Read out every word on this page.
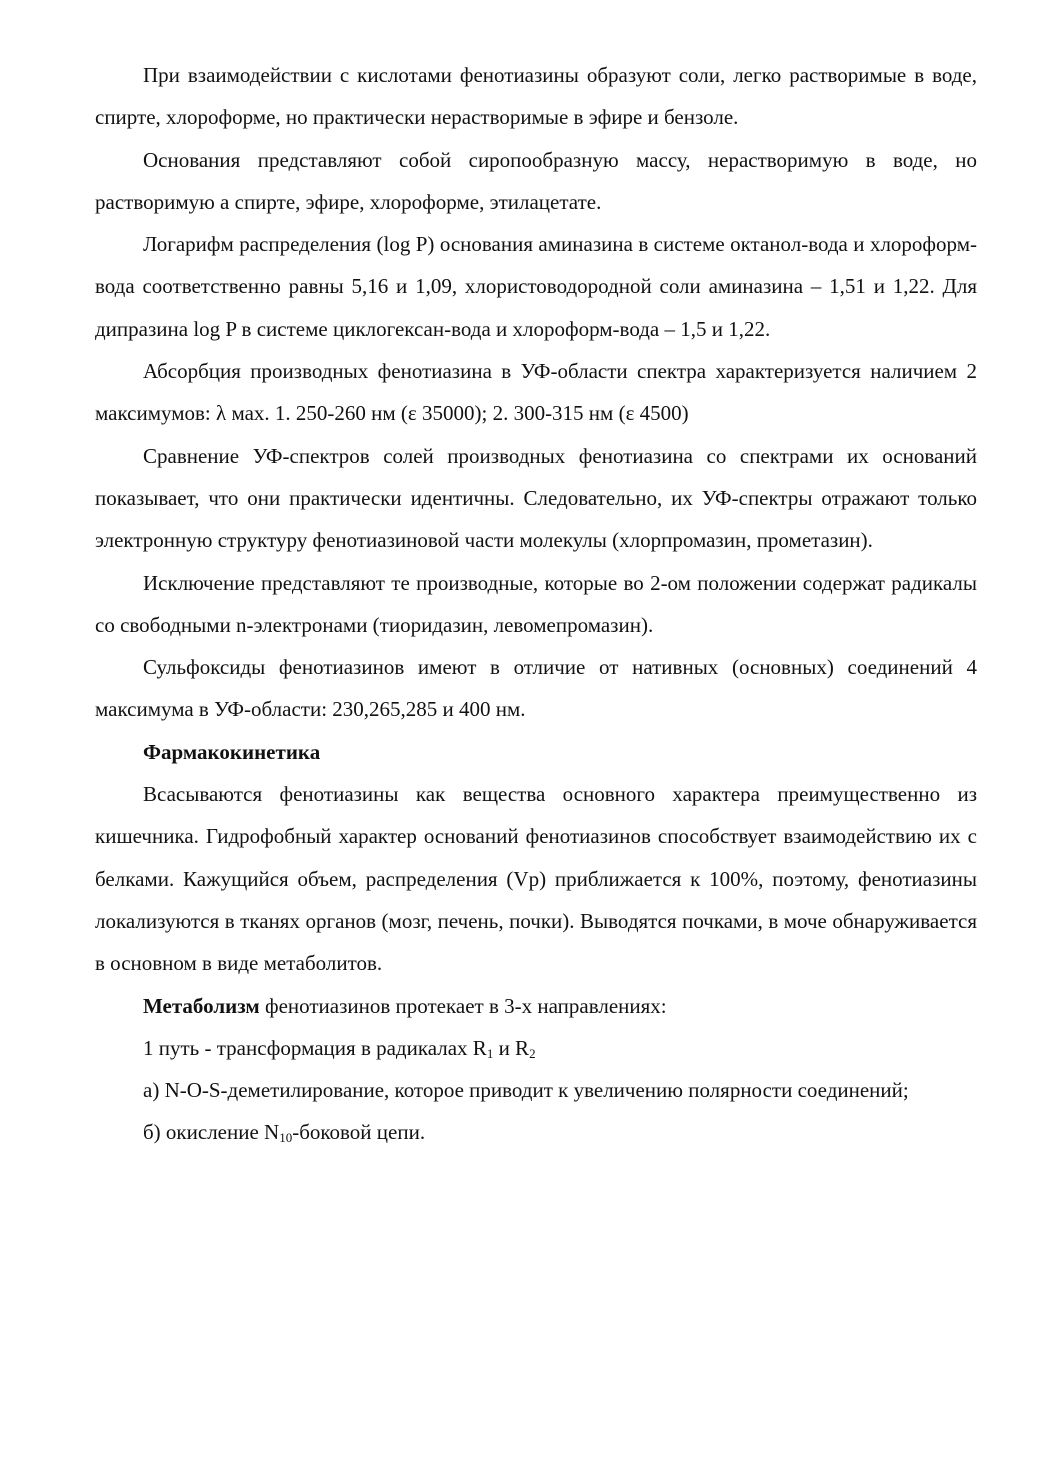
При взаимодействии с кислотами фенотиазины образуют соли, легко растворимые в воде, спирте, хлороформе, но практически нерастворимые в эфире и бензоле.

Основания представляют собой сиропообразную массу, нерастворимую в воде, но растворимую а спирте, эфире, хлороформе, этилацетате.

Логарифм распределения (log P) основания аминазина в системе октанол-вода и хлороформ-вода соответственно равны 5,16 и 1,09, хлористоводородной соли аминазина – 1,51 и 1,22. Для дипразина log P в системе циклогексан-вода и хлороформ-вода – 1,5 и 1,22.

Абсорбция производных фенотиазина в УФ-области спектра характеризуется наличием 2 максимумов: λ мах. 1. 250-260 нм (ε 35000); 2. 300-315 нм (ε 4500)

Сравнение УФ-спектров солей производных фенотиазина со спектрами их оснований показывает, что они практически идентичны. Следовательно, их УФ-спектры отражают только электронную структуру фенотиазиновой части молекулы (хлорпромазин, прометазин).

Исключение представляют те производные, которые во 2-ом положении содержат радикалы со свободными n-электронами (тиоридазин, левомепромазин).

Сульфоксиды фенотиазинов имеют в отличие от нативных (основных) соединений 4 максимума в УФ-области: 230,265,285 и 400 нм.

Фармакокинетика

Всасываются фенотиазины как вещества основного характера преимущественно из кишечника. Гидрофобный характер оснований фенотиазинов способствует взаимодействию их с белками. Кажущийся объем, распределения (Vр) приближается к 100%, поэтому, фенотиазины локализуются в тканях органов (мозг, печень, почки). Выводятся почками, в моче обнаруживается в основном в виде метаболитов.

Метаболизм фенотиазинов протекает в 3-х направлениях:

1 путь - трансформация в радикалах $R_1$ и $R_2$

а) N-O-S-деметилирование, которое приводит к увеличению полярности соединений;

б) окисление $N_{10}$-боковой цепи.
